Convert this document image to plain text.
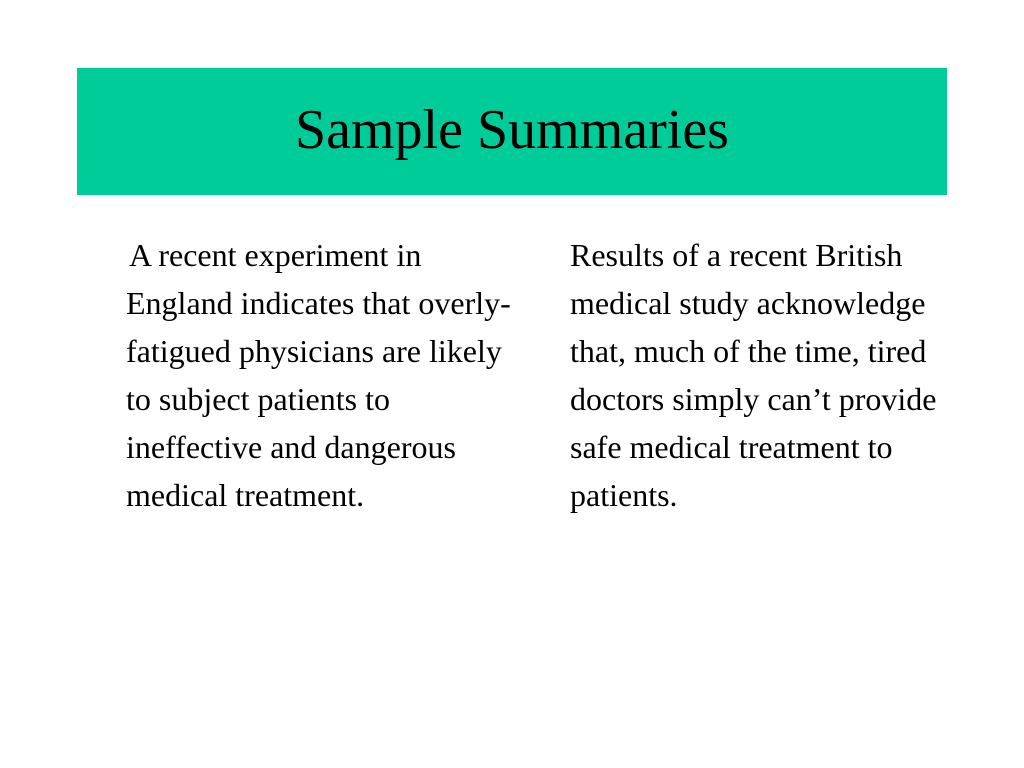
Sample Summaries

A recent experiment in England indicates that overly-fatigued physicians are likely to subject patients to ineffective and dangerous medical treatment.

Results of a recent British medical study acknowledge that, much of the time, tired doctors simply can’t provide safe medical treatment to patients.
